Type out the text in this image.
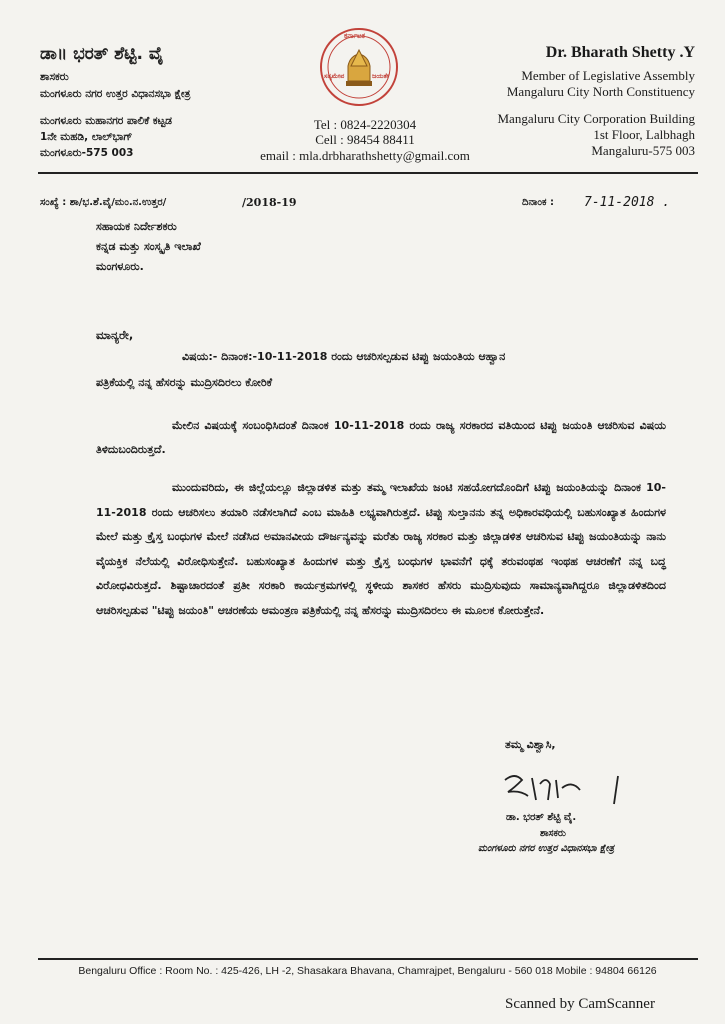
ಡಾ॥ ಭರತ್ ಶೆಟ್ಟಿ. ವೈ
ಶಾಸಕರು
ಮಂಗಳೂರು ನಗರ ಉತ್ತರ ವಿಧಾನಸಭಾ ಕ್ಷೇತ್ರ
ಮಂಗಳೂರು ಮಹಾನಗರ ಪಾಲಿಕೆ ಕಟ್ಟಡ
1ನೇ ಮಹಡಿ, ಲಾಲ್‌ಭಾಗ್
ಮಂಗಳೂರು-575 003
ಕರ್ನಾಟಕ
ಸತ್ಯಮೇವ	ಜಯತೇ
Dr. Bharath Shetty .Y
Member of Legislative Assembly
Mangaluru City North Constituency
Mangaluru City Corporation Building
1st Floor, Lalbhagh
Mangaluru-575 003
Tel : 0824-2220304
Cell : 98454 88411
email : mla.drbharathshetty@gmail.com
ಸಂಖ್ಯೆ : ಶಾ/ಭ.ಶೆ.ವೈ/ಮಂ.ನ.ಉತ್ತರ/	/2018-19	ದಿನಾಂಕ : 7-11-2018 .
ಸಹಾಯಕ ನಿರ್ದೇಶಕರು
ಕನ್ನಡ ಮತ್ತು ಸಂಸ್ಕೃತಿ ಇಲಾಖೆ
ಮಂಗಳೂರು.
ಮಾನ್ಯರೇ,
ವಿಷಯ:- ದಿನಾಂಕ:-10-11-2018 ರಂದು ಆಚರಿಸಲ್ಪಡುವ ಟಿಪ್ಪು ಜಯಂತಿಯ ಆಹ್ವಾನ
ಪತ್ರಿಕೆಯಲ್ಲಿ ನನ್ನ ಹೆಸರನ್ನು ಮುದ್ರಿಸದಿರಲು ಕೋರಿಕೆ
ಮೇಲಿನ ವಿಷಯಕ್ಕೆ ಸಂಬಂಧಿಸಿದಂತೆ ದಿನಾಂಕ 10-11-2018 ರಂದು ರಾಜ್ಯ ಸರಕಾರದ ವತಿಯಿಂದ ಟಿಪ್ಪು ಜಯಂತಿ ಆಚರಿಸುವ ವಿಷಯ ತಿಳಿದುಬಂದಿರುತ್ತದೆ.
ಮುಂದುವರಿದು, ಈ ಜಿಲ್ಲೆಯಲ್ಲೂ ಜಿಲ್ಲಾಡಳಿತ ಮತ್ತು ತಮ್ಮ ಇಲಾಖೆಯ ಜಂಟಿ ಸಹಯೋಗದೊಂದಿಗೆ ಟಿಪ್ಪು ಜಯಂತಿಯನ್ನು ದಿನಾಂಕ 10-11-2018 ರಂದು ಆಚರಿಸಲು ತಯಾರಿ ನಡೆಸಲಾಗಿದೆ ಎಂಬ ಮಾಹಿತಿ ಲಭ್ಯವಾಗಿರುತ್ತದೆ. ಟಿಪ್ಪು ಸುಲ್ತಾನನು ತನ್ನ ಅಧಿಕಾರವಧಿಯಲ್ಲಿ ಬಹುಸಂಖ್ಯಾತ ಹಿಂದುಗಳ ಮೇಲೆ ಮತ್ತು ಕ್ರೈಸ್ತ ಬಂಧುಗಳ ಮೇಲೆ ನಡೆಸಿದ ಅಮಾನವೀಯ ದೌರ್ಜನ್ಯವನ್ನು ಮರೆತು ರಾಜ್ಯ ಸರಕಾರ ಮತ್ತು ಜಿಲ್ಲಾಡಳಿತ ಆಚರಿಸುವ ಟಿಪ್ಪು ಜಯಂತಿಯನ್ನು ನಾನು ವೈಯಕ್ತಿಕ ನೆಲೆಯಲ್ಲಿ ವಿರೋಧಿಸುತ್ತೇನೆ. ಬಹುಸಂಖ್ಯಾತ ಹಿಂದುಗಳ ಮತ್ತು ಕ್ರೈಸ್ತ ಬಂಧುಗಳ ಭಾವನೆಗೆ ಧಕ್ಕೆ ತರುವಂಥಹ ಇಂಥಹ ಆಚರಣೆಗೆ ನನ್ನ ಬದ್ಧ ವಿರೋಧವಿರುತ್ತದೆ. ಶಿಷ್ಟಾಚಾರದಂತೆ ಪ್ರತೀ ಸರಕಾರಿ ಕಾರ್ಯಕ್ರಮಗಳಲ್ಲಿ ಸ್ಥಳೀಯ ಶಾಸಕರ ಹೆಸರು ಮುದ್ರಿಸುವುದು ಸಾಮಾನ್ಯವಾಗಿದ್ದರೂ ಜಿಲ್ಲಾಡಳಿತದಿಂದ ಆಚರಿಸಲ್ಪಡುವ "ಟಿಪ್ಪು ಜಯಂತಿ" ಆಚರಣೆಯ ಆಮಂತ್ರಣ ಪತ್ರಿಕೆಯಲ್ಲಿ ನನ್ನ ಹೆಸರನ್ನು ಮುದ್ರಿಸದಿರಲು ಈ ಮೂಲಕ ಕೋರುತ್ತೇನೆ.
ತಮ್ಮ ವಿಶ್ವಾಸಿ,
ಡಾ. ಭರತ್ ಶೆಟ್ಟಿ ವೈ.
ಶಾಸಕರು
ಮಂಗಳೂರು ನಗರ ಉತ್ತರ ವಿಧಾನಸಭಾ ಕ್ಷೇತ್ರ
Bengaluru Office : Room No. : 425-426, LH -2, Shasakara Bhavana, Chamrajpet, Bengaluru - 560 018 Mobile : 94804 66126
Scanned by CamScanner
